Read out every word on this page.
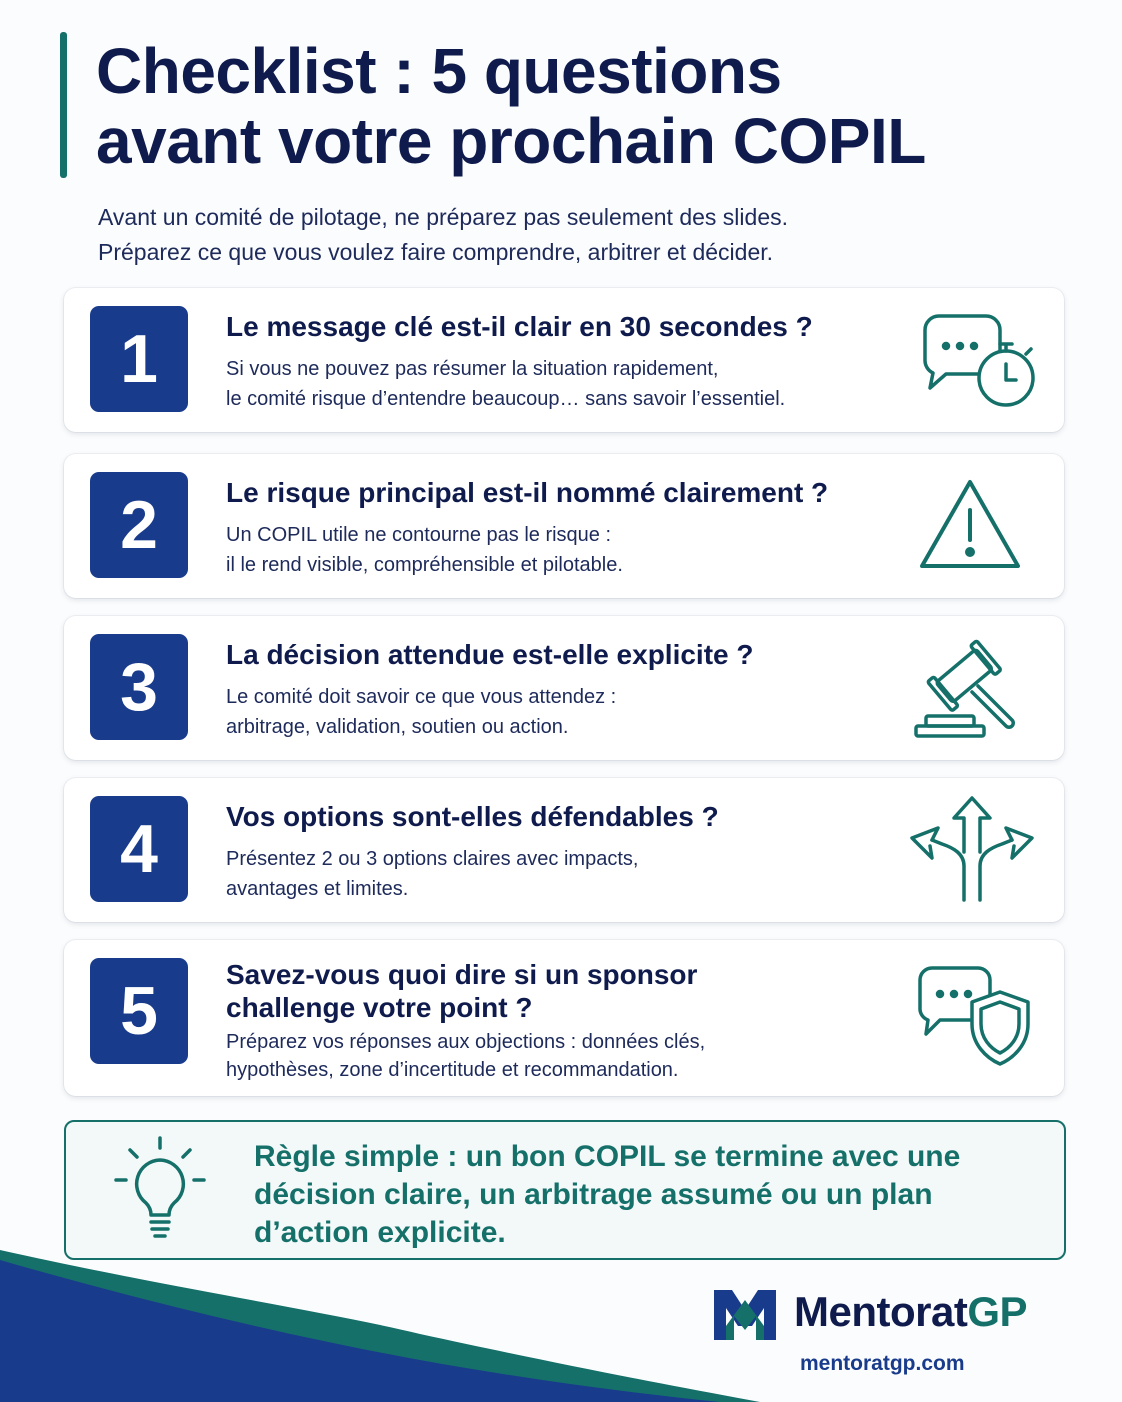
Checklist : 5 questions
avant votre prochain COPIL

Avant un comité de pilotage, ne préparez pas seulement des slides.
Préparez ce que vous voulez faire comprendre, arbitrer et décider.

1	Le message clé est-il clair en 30 secondes ?
Si vous ne pouvez pas résumer la situation rapidement,
le comité risque d’entendre beaucoup… sans savoir l’essentiel.
2	Le risque principal est-il nommé clairement ?
Un COPIL utile ne contourne pas le risque :
il le rend visible, compréhensible et pilotable.
3	La décision attendue est-elle explicite ?
Le comité doit savoir ce que vous attendez :
arbitrage, validation, soutien ou action.
4	Vos options sont-elles défendables ?
Présentez 2 ou 3 options claires avec impacts,
avantages et limites.
5	Savez-vous quoi dire si un sponsor
challenge votre point ?
Préparez vos réponses aux objections : données clés,
hypothèses, zone d’incertitude et recommandation.
Règle simple : un bon COPIL se termine avec une
décision claire, un arbitrage assumé ou un plan
d’action explicite.
MentoratGP
mentoratgp.com
